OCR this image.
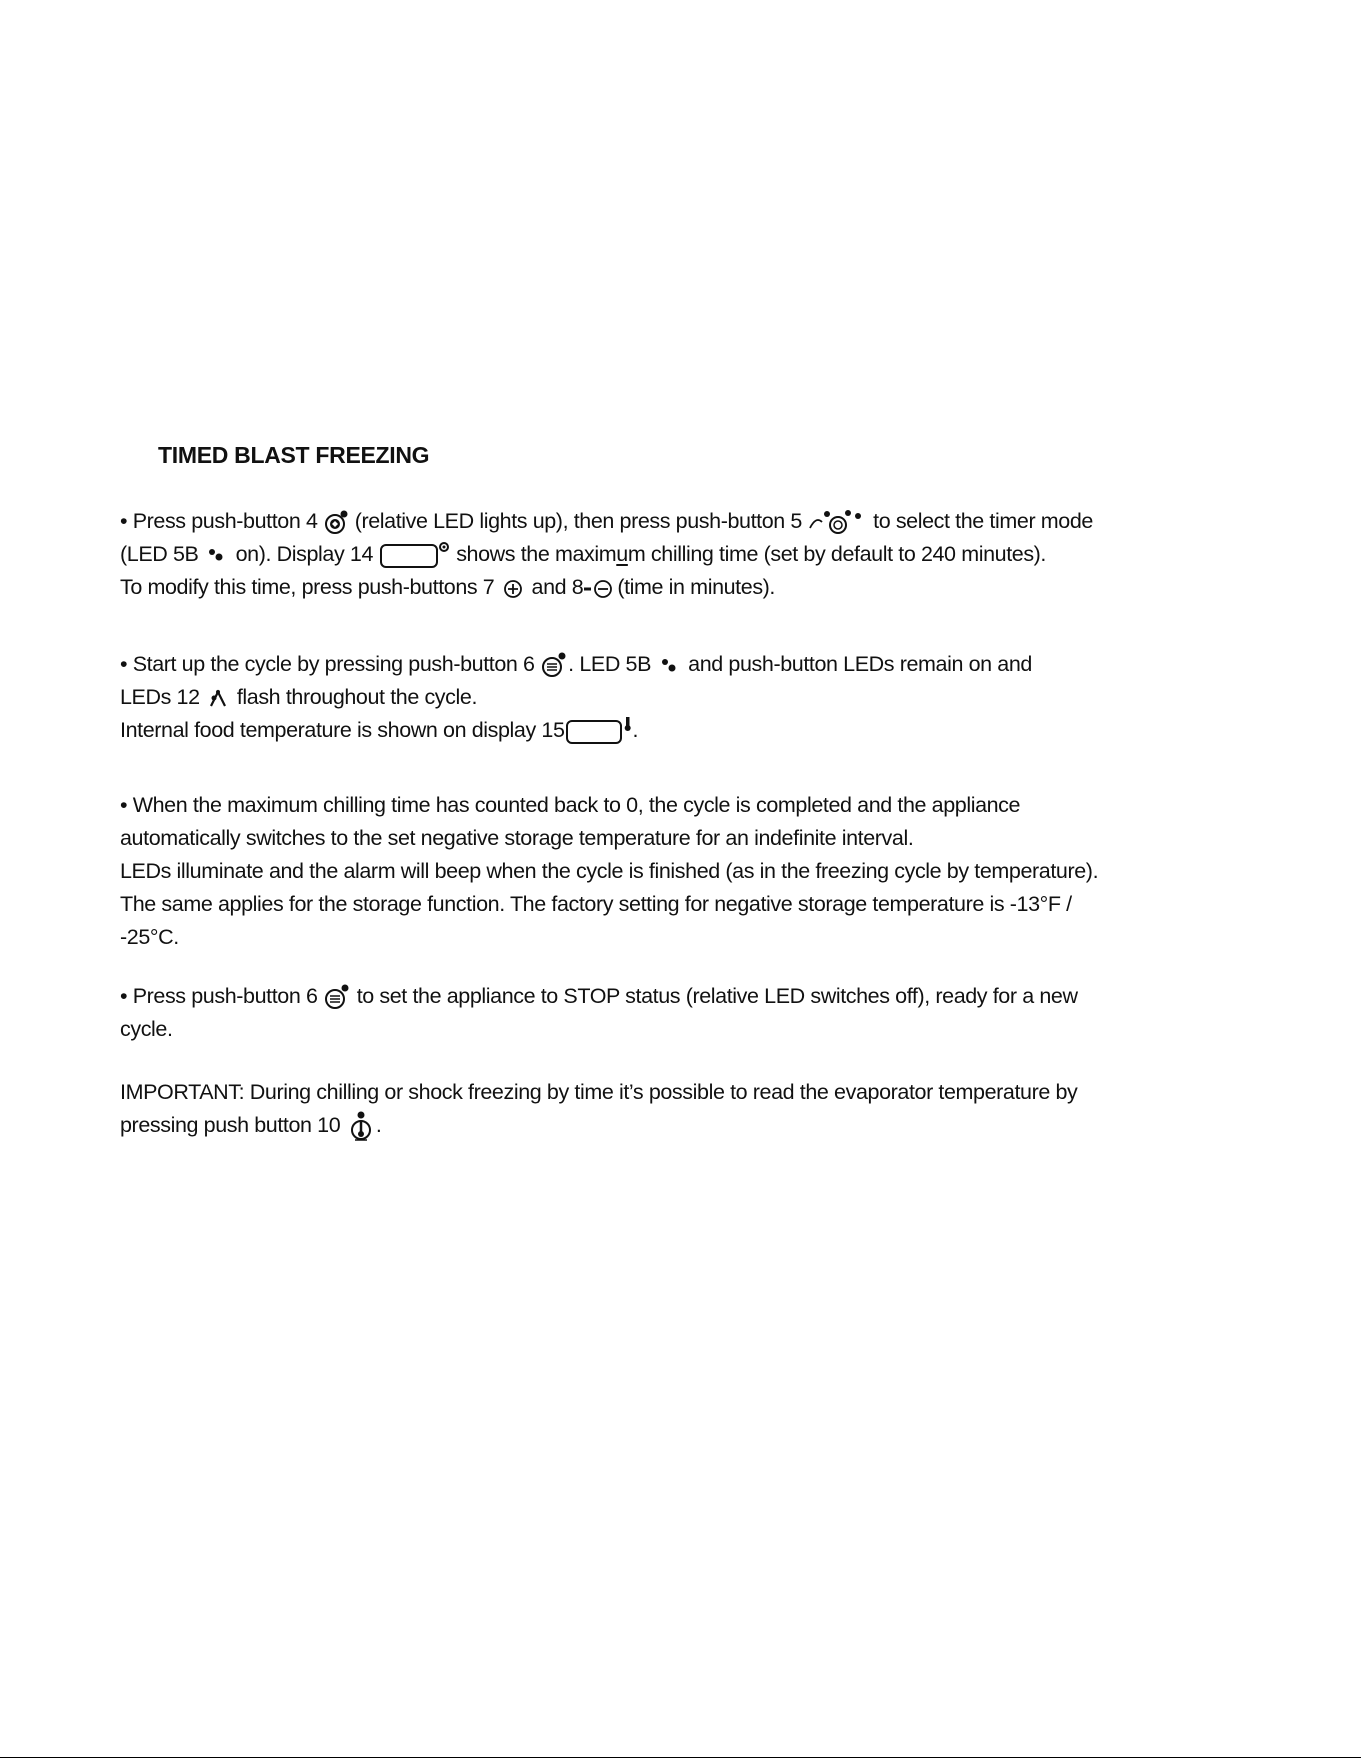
TIMED BLAST FREEZING
• Press push-button 4 (relative LED lights up), then press push-button 5	to select the timer mode
(LED 5B on). Display 14	shows the maximum chilling time (set by default to 240 minutes).
To modify this time, press push-buttons 7 and 8 (time in minutes).
• Start up the cycle by pressing push-button 6 . LED 5B and push-button LEDs remain on and
LEDs 12 flash throughout the cycle.
Internal food temperature is shown on display 15	.
• When the maximum chilling time has counted back to 0, the cycle is completed and the appliance
automatically switches to the set negative storage temperature for an indefinite interval.
LEDs illuminate and the alarm will beep when the cycle is finished (as in the freezing cycle by temperature).
The same applies for the storage function. The factory setting for negative storage temperature is -13°F /
-25°C.
• Press push-button 6 to set the appliance to STOP status (relative LED switches off), ready for a new
cycle.
IMPORTANT: During chilling or shock freezing by time it’s possible to read the evaporator temperature by
pressing push button 10 .
